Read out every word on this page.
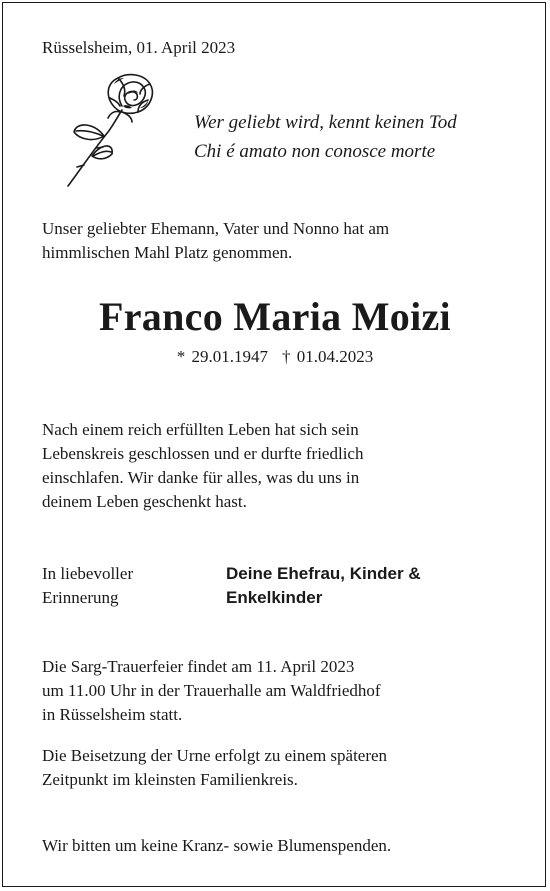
Rüsselsheim, 01. April 2023
Wer geliebt wird, kennt keinen Tod
Chi é amato non conosce morte
Unser geliebter Ehemann, Vater und Nonno hat am
himmlischen Mahl Platz genommen.
Franco Maria Moizi
* 29.01.1947 † 01.04.2023
Nach einem reich erfüllten Leben hat sich sein
Lebenskreis geschlossen und er durfte friedlich
einschlafen. Wir danke für alles, was du uns in
deinem Leben geschenkt hast.
In liebevoller
Erinnerung
Deine Ehefrau, Kinder &
Enkelkinder
Die Sarg-Trauerfeier findet am 11. April 2023
um 11.00 Uhr in der Trauerhalle am Waldfriedhof
in Rüsselsheim statt.
Die Beisetzung der Urne erfolgt zu einem späteren
Zeitpunkt im kleinsten Familienkreis.
Wir bitten um keine Kranz- sowie Blumenspenden.
